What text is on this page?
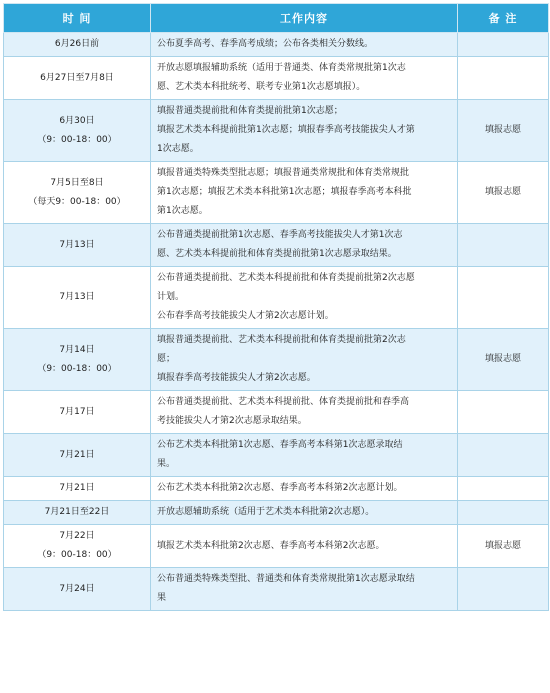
时 间	工作内容	备 注

6月26日前	公布夏季高考、春季高考成绩；公布各类相关分数线。	

6月27日至7月8日	开放志愿填报辅助系统（适用于普通类、体育类常规批第1次志
愿、艺术类本科批统考、联考专业第1次志愿填报）。	

6月30日
（9：00-18：00）	填报普通类提前批和体育类提前批第1次志愿；
填报艺术类本科提前批第1次志愿；填报春季高考技能拔尖人才第
1次志愿。	填报志愿

7月5日至8日
（每天9：00-18：00）	填报普通类特殊类型批志愿；填报普通类常规批和体育类常规批
第1次志愿；填报艺术类本科批第1次志愿；填报春季高考本科批
第1次志愿。	填报志愿

7月13日	公布普通类提前批第1次志愿、春季高考技能拔尖人才第1次志
愿、艺术类本科提前批和体育类提前批第1次志愿录取结果。	

7月13日	公布普通类提前批、艺术类本科提前批和体育类提前批第2次志愿
计划。
公布春季高考技能拔尖人才第2次志愿计划。	

7月14日
（9：00-18：00）	填报普通类提前批、艺术类本科提前批和体育类提前批第2次志
愿；
填报春季高考技能拔尖人才第2次志愿。	填报志愿

7月17日	公布普通类提前批、艺术类本科提前批、体育类提前批和春季高
考技能拔尖人才第2次志愿录取结果。	

7月21日	公布艺术类本科批第1次志愿、春季高考本科第1次志愿录取结
果。	

7月21日	公布艺术类本科批第2次志愿、春季高考本科第2次志愿计划。	

7月21日至22日	开放志愿辅助系统（适用于艺术类本科批第2次志愿）。	

7月22日
（9：00-18：00）	填报艺术类本科批第2次志愿、春季高考本科第2次志愿。	填报志愿

7月24日	公布普通类特殊类型批、普通类和体育类常规批第1次志愿录取结
果	
